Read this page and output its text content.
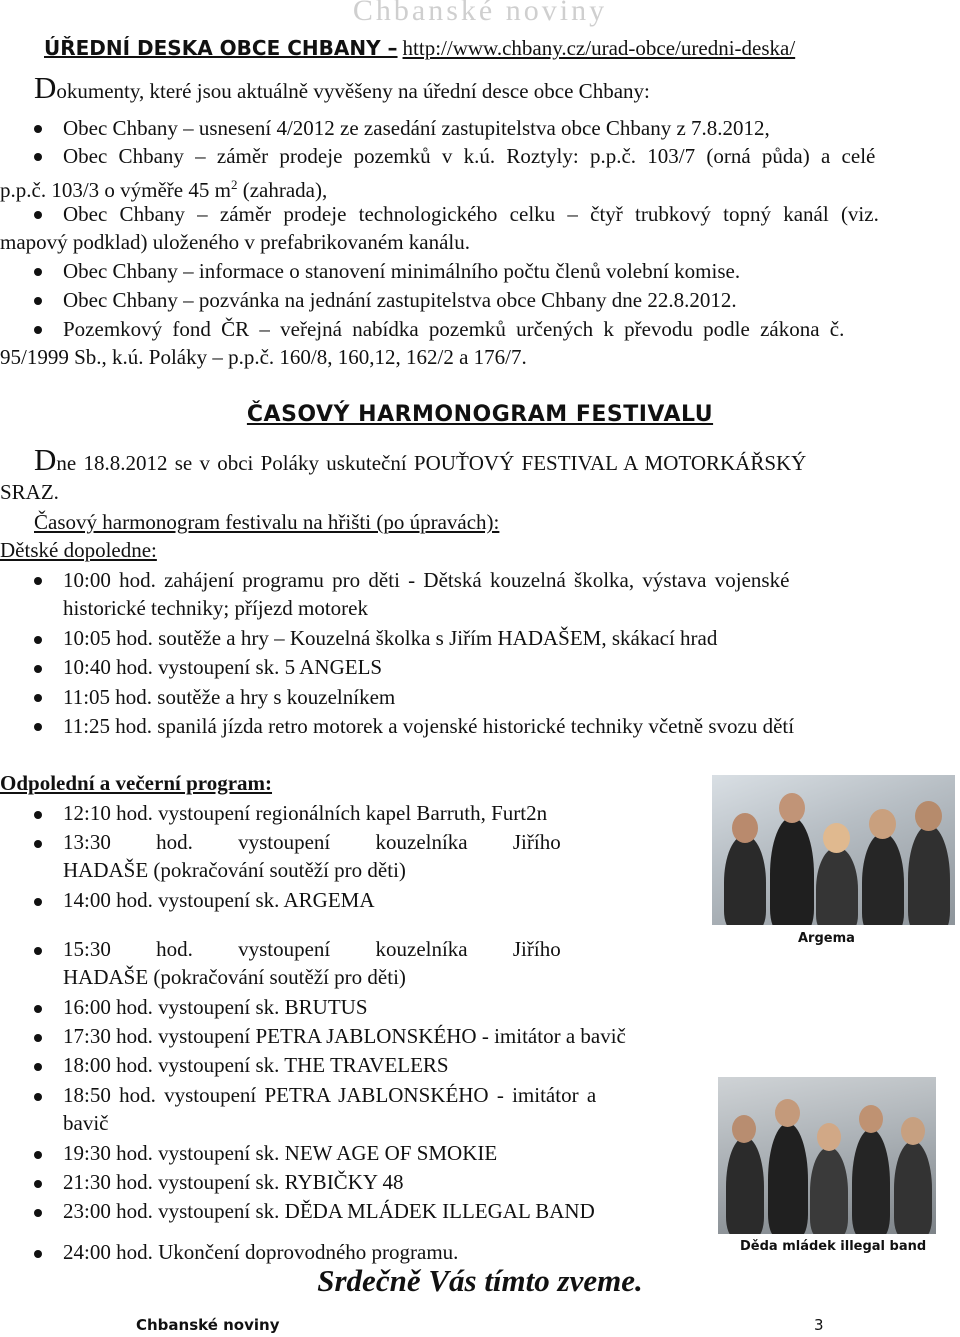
Chbanské noviny
ÚŘEDNÍ DESKA OBCE CHBANY – http://www.chbany.cz/urad-obce/uredni-deska/
Dokumenty, které jsou aktuálně vyvěšeny na úřední desce obce Chbany:
Obec Chbany – usnesení 4/2012 ze zasedání zastupitelstva obce Chbany z 7.8.2012,
Obec Chbany – záměr prodeje pozemků v k.ú. Roztyly: p.p.č. 103/7 (orná půda) a celé
p.p.č. 103/3 o výměře 45 $m^2$ (zahrada),
Obec Chbany – záměr prodeje technologického celku – čtyř trubkový topný kanál (viz.
mapový podklad) uloženého v prefabrikovaném kanálu.
Obec Chbany – informace o stanovení minimálního počtu členů volební komise.
Obec Chbany – pozvánka na jednání zastupitelstva obce Chbany dne 22.8.2012.
Pozemkový fond ČR – veřejná nabídka pozemků určených k převodu podle zákona č.
95/1999 Sb., k.ú. Poláky – p.p.č. 160/8, 160,12, 162/2 a 176/7.
ČASOVÝ HARMONOGRAM FESTIVALU
Dne 18.8.2012 se v obci Poláky uskuteční POUŤOVÝ FESTIVAL A MOTORKÁŘSKÝ
SRAZ.
Časový harmonogram festivalu na hřišti (po úpravách):
Dětské dopoledne:
10:00 hod. zahájení programu pro děti - Dětská kouzelná školka, výstava vojenské
historické techniky; příjezd motorek
10:05 hod. soutěže a hry – Kouzelná školka s Jiřím HADAŠEM, skákací hrad
10:40 hod. vystoupení sk. 5 ANGELS
11:05 hod. soutěže a hry s kouzelníkem
11:25 hod. spanilá jízda retro motorek a vojenské historické techniky včetně svozu dětí
Odpolední a večerní program:
12:10 hod. vystoupení regionálních kapel Barruth, Furt2n
13:30 hod. vystoupení kouzelníka Jiřího
HADAŠE (pokračování soutěží pro děti)
14:00 hod. vystoupení sk. ARGEMA
15:30 hod. vystoupení kouzelníka Jiřího
HADAŠE (pokračování soutěží pro děti)
16:00 hod. vystoupení sk. BRUTUS
17:30 hod. vystoupení PETRA JABLONSKÉHO - imitátor a bavič
18:00 hod. vystoupení sk. THE TRAVELERS
18:50 hod. vystoupení PETRA JABLONSKÉHO - imitátor a
bavič
19:30 hod. vystoupení sk. NEW AGE OF SMOKIE
21:30 hod. vystoupení sk. RYBIČKY 48
23:00 hod. vystoupení sk. DĚDA MLÁDEK ILLEGAL BAND
24:00 hod. Ukončení doprovodného programu.
Argema
Děda mládek illegal band
Srdečně Vás tímto zveme.
Chbanské noviny	3
